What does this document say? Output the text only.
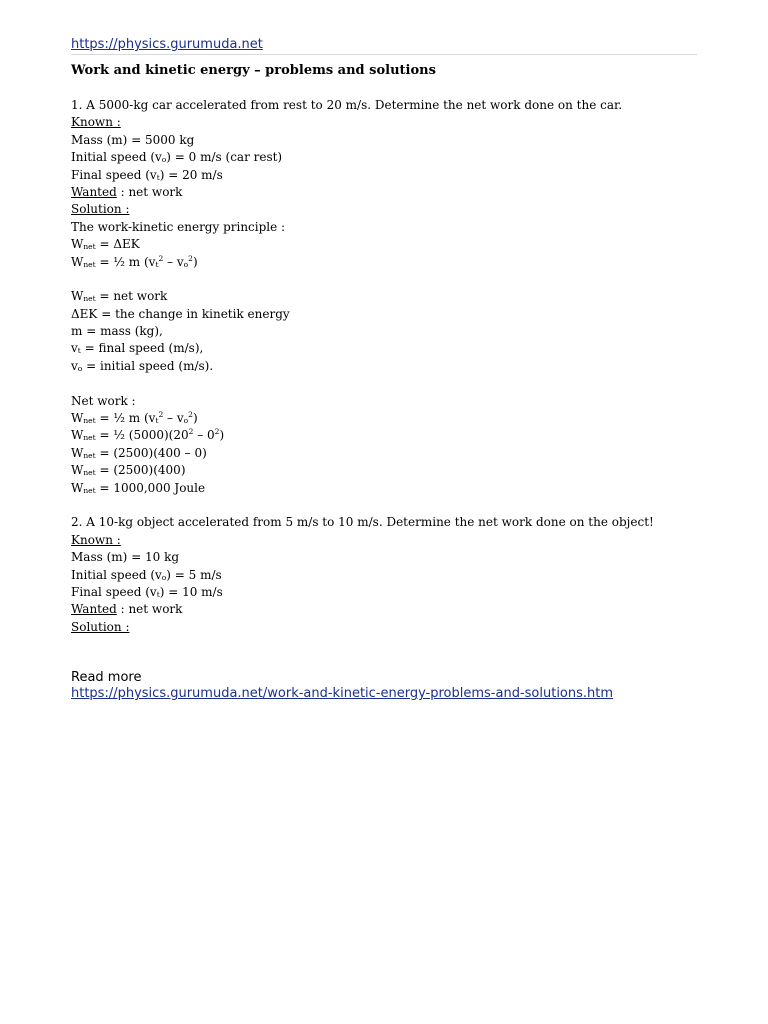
https://physics.gurumuda.net
Work and kinetic energy – problems and solutions
1. A 5000-kg car accelerated from rest to 20 m/s. Determine the net work done on the car.
Known :
Mass (m) = 5000 kg
Initial speed $(v_o) = 0$ m/s (car rest)
Final speed $(v_t) = 20$ m/s
Wanted : net work
Solution :
The work-kinetic energy principle :
$W_{net} = \Delta EK$
$W_{net}$ = ½ m $(v_t^2 - v_o^2)$
$W_{net}$ = net work
ΔEK = the change in kinetik energy
m = mass (kg),
$v_t$ = final speed (m/s),
$v_o$ = initial speed (m/s).
Net work :
$W_{net}$ = ½ m $(v_t^2 - v_o^2)$
$W_{net}$ = ½ $(5000)(20^2 - 0^2)$
$W_{net} = (2500)(400 - 0)$
$W_{net} = (2500)(400)$
$W_{net} = 1000,000$ Joule
2. A 10-kg object accelerated from 5 m/s to 10 m/s. Determine the net work done on the object!
Known :
Mass (m) = 10 kg
Initial speed $(v_o) = 5$ m/s
Final speed $(v_t) = 10$ m/s
Wanted : net work
Solution :
Read more
https://physics.gurumuda.net/work-and-kinetic-energy-problems-and-solutions.htm
